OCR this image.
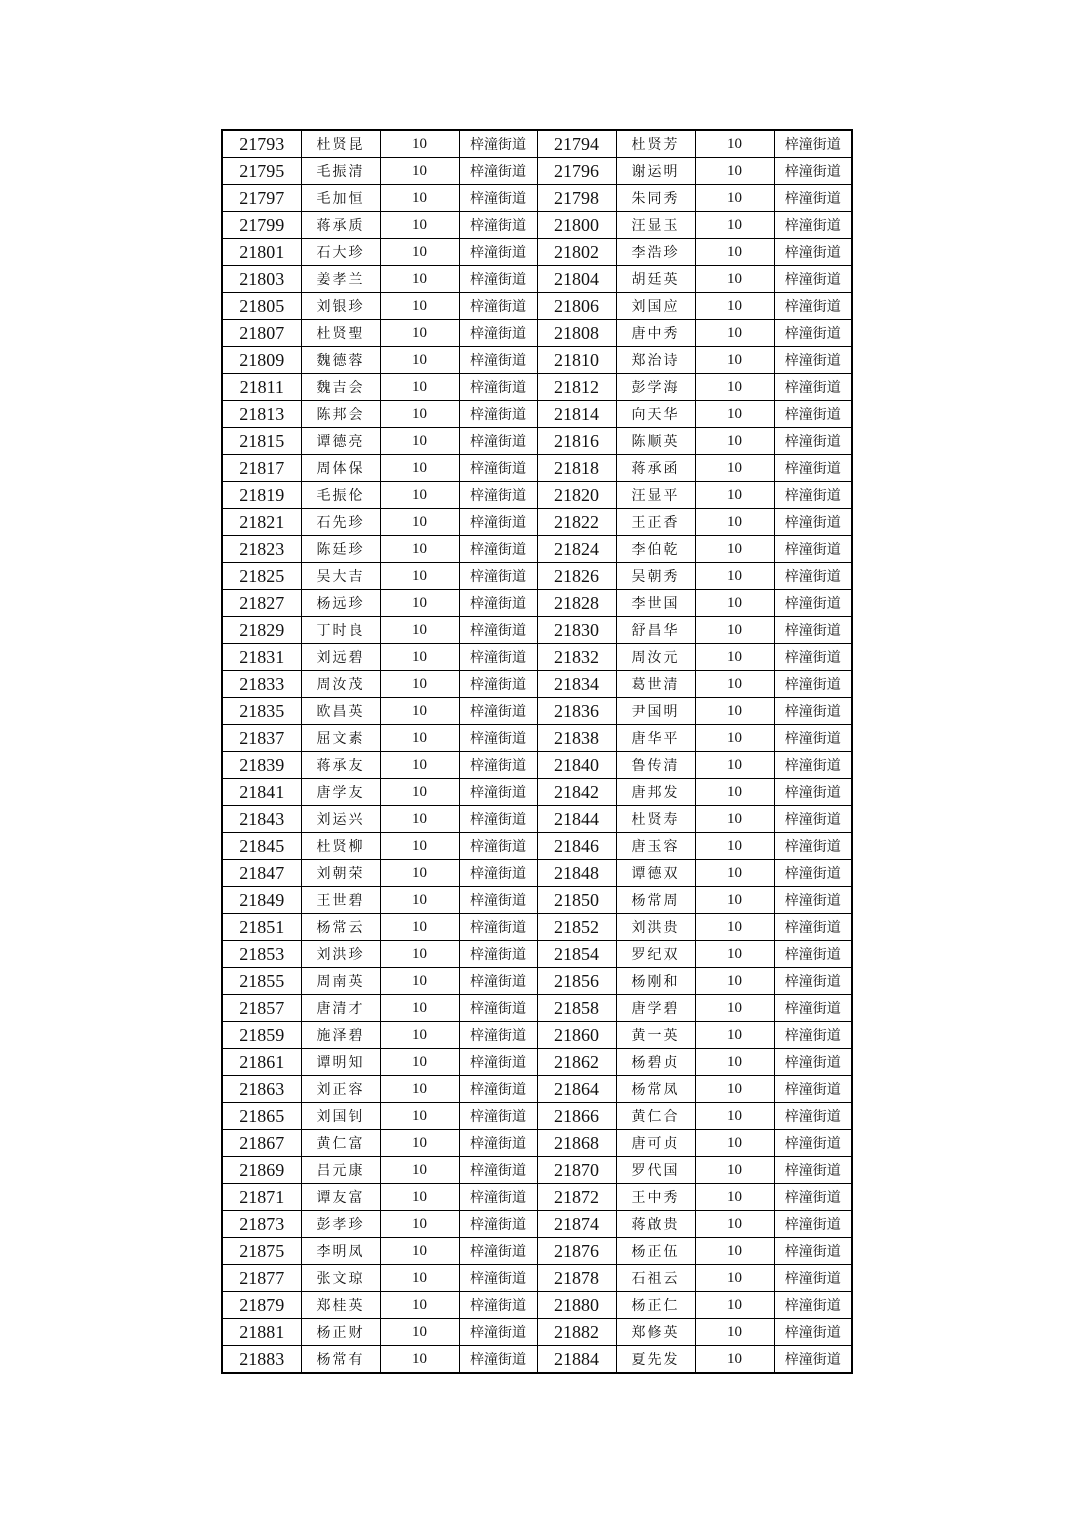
21793	杜贤昆	10	梓潼街道	21794	杜贤芳	10	梓潼街道
21795	毛振清	10	梓潼街道	21796	谢运明	10	梓潼街道
21797	毛加恒	10	梓潼街道	21798	朱同秀	10	梓潼街道
21799	蒋承质	10	梓潼街道	21800	汪显玉	10	梓潼街道
21801	石大珍	10	梓潼街道	21802	李浩珍	10	梓潼街道
21803	姜孝兰	10	梓潼街道	21804	胡廷英	10	梓潼街道
21805	刘银珍	10	梓潼街道	21806	刘国应	10	梓潼街道
21807	杜贤聖	10	梓潼街道	21808	唐中秀	10	梓潼街道
21809	魏德蓉	10	梓潼街道	21810	郑治诗	10	梓潼街道
21811	魏吉会	10	梓潼街道	21812	彭学海	10	梓潼街道
21813	陈邦会	10	梓潼街道	21814	向天华	10	梓潼街道
21815	谭德亮	10	梓潼街道	21816	陈顺英	10	梓潼街道
21817	周体保	10	梓潼街道	21818	蒋承函	10	梓潼街道
21819	毛振伦	10	梓潼街道	21820	汪显平	10	梓潼街道
21821	石先珍	10	梓潼街道	21822	王正香	10	梓潼街道
21823	陈廷珍	10	梓潼街道	21824	李伯乾	10	梓潼街道
21825	吴大吉	10	梓潼街道	21826	吴朝秀	10	梓潼街道
21827	杨远珍	10	梓潼街道	21828	李世国	10	梓潼街道
21829	丁时良	10	梓潼街道	21830	舒昌华	10	梓潼街道
21831	刘远碧	10	梓潼街道	21832	周汝元	10	梓潼街道
21833	周汝茂	10	梓潼街道	21834	葛世清	10	梓潼街道
21835	欧昌英	10	梓潼街道	21836	尹国明	10	梓潼街道
21837	屈文素	10	梓潼街道	21838	唐华平	10	梓潼街道
21839	蒋承友	10	梓潼街道	21840	鲁传清	10	梓潼街道
21841	唐学友	10	梓潼街道	21842	唐邦发	10	梓潼街道
21843	刘运兴	10	梓潼街道	21844	杜贤寿	10	梓潼街道
21845	杜贤柳	10	梓潼街道	21846	唐玉容	10	梓潼街道
21847	刘朝荣	10	梓潼街道	21848	谭德双	10	梓潼街道
21849	王世碧	10	梓潼街道	21850	杨常周	10	梓潼街道
21851	杨常云	10	梓潼街道	21852	刘洪贵	10	梓潼街道
21853	刘洪珍	10	梓潼街道	21854	罗纪双	10	梓潼街道
21855	周南英	10	梓潼街道	21856	杨刚和	10	梓潼街道
21857	唐清才	10	梓潼街道	21858	唐学碧	10	梓潼街道
21859	施泽碧	10	梓潼街道	21860	黄一英	10	梓潼街道
21861	谭明知	10	梓潼街道	21862	杨碧贞	10	梓潼街道
21863	刘正容	10	梓潼街道	21864	杨常凤	10	梓潼街道
21865	刘国钊	10	梓潼街道	21866	黄仁合	10	梓潼街道
21867	黄仁富	10	梓潼街道	21868	唐可贞	10	梓潼街道
21869	吕元康	10	梓潼街道	21870	罗代国	10	梓潼街道
21871	谭友富	10	梓潼街道	21872	王中秀	10	梓潼街道
21873	彭孝珍	10	梓潼街道	21874	蒋啟贵	10	梓潼街道
21875	李明凤	10	梓潼街道	21876	杨正伍	10	梓潼街道
21877	张文琼	10	梓潼街道	21878	石祖云	10	梓潼街道
21879	郑桂英	10	梓潼街道	21880	杨正仁	10	梓潼街道
21881	杨正财	10	梓潼街道	21882	郑修英	10	梓潼街道
21883	杨常有	10	梓潼街道	21884	夏先发	10	梓潼街道
